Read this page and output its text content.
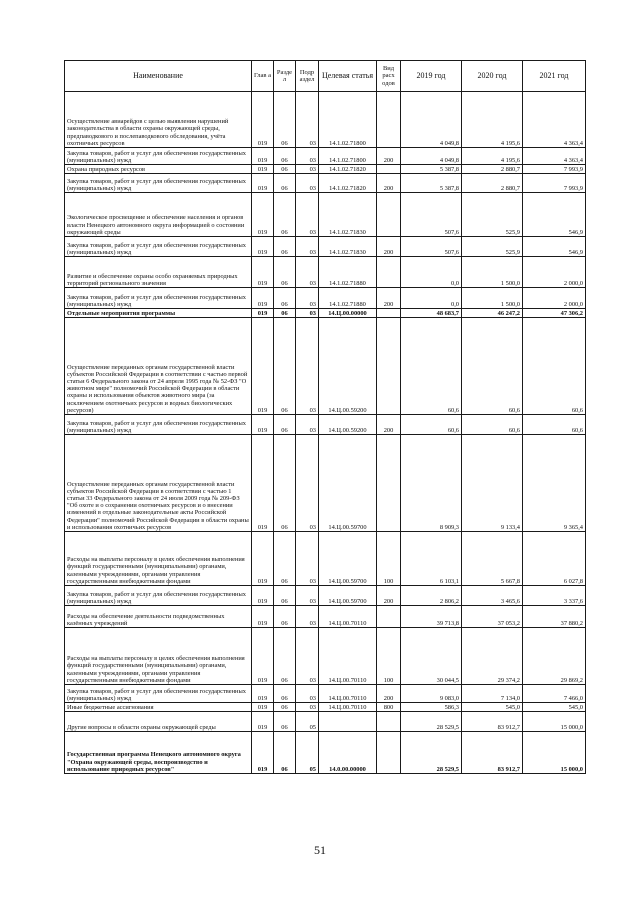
Наименование	Глав а	Разде л	Подр аздел	Целевая статья	Вид расх одов	2019 год	2020 год	2021 год
Осуществление авиарейдов с целью выявления нарушений законодательства в области охраны окружающей среды, предпаводкового и послепаводкового обследования, учёта охотничьих ресурсов	019	06	03	14.1.02.71800		4 049,8	4 195,6	4 363,4
Закупка товаров, работ и услуг для обеспечения государственных (муниципальных) нужд	019	06	03	14.1.02.71800	200	4 049,8	4 195,6	4 363,4
Охрана природных ресурсов	019	06	03	14.1.02.71820		5 387,8	2 880,7	7 993,9
Закупка товаров, работ и услуг для обеспечения государственных (муниципальных) нужд	019	06	03	14.1.02.71820	200	5 387,8	2 880,7	7 993,9
Экологическое просвещение и обеспечение населения и органов власти Ненецкого автономного округа информацией о состоянии окружающей среды	019	06	03	14.1.02.71830		507,6	525,9	546,9
Закупка товаров, работ и услуг для обеспечения государственных (муниципальных) нужд	019	06	03	14.1.02.71830	200	507,6	525,9	546,9
Развитие и обеспечение охраны особо охраняемых природных территорий регионального значения	019	06	03	14.1.02.71880		0,0	1 500,0	2 000,0
Закупка товаров, работ и услуг для обеспечения государственных (муниципальных) нужд	019	06	03	14.1.02.71880	200	0,0	1 500,0	2 000,0
Отдельные мероприятия программы	019	06	03	14.Ц.00.00000		48 683,7	46 247,2	47 306,2
Осуществление переданных органам государственной власти субъектов Российской Федерации в соответствии с частью первой статьи 6 Федерального закона от 24 апреля 1995 года № 52-ФЗ "О животном мире" полномочий Российской Федерации в области охраны и использования объектов животного мира (за исключением охотничьих ресурсов и водных биологических ресурсов)	019	06	03	14.Ц.00.59200		60,6	60,6	60,6
Закупка товаров, работ и услуг для обеспечения государственных (муниципальных) нужд	019	06	03	14.Ц.00.59200	200	60,6	60,6	60,6
Осуществление переданных органам государственной власти субъектов Российской Федерации в соответствии с частью 1 статьи 33 Федерального закона от 24 июля 2009 года № 209-ФЗ "Об охоте и о сохранении охотничьих ресурсов и о внесении изменений в отдельные законодательные акты Российской Федерации" полномочий Российской Федерации в области охраны и использования охотничьих ресурсов	019	06	03	14.Ц.00.59700		8 909,3	9 133,4	9 365,4
Расходы на выплаты персоналу в целях обеспечения выполнения функций государственными (муниципальными) органами, казенными учреждениями, органами управления государственными внебюджетными фондами	019	06	03	14.Ц.00.59700	100	6 103,1	5 667,8	6 027,8
Закупка товаров, работ и услуг для обеспечения государственных (муниципальных) нужд	019	06	03	14.Ц.00.59700	200	2 806,2	3 465,6	3 337,6
Расходы на обеспечение деятельности подведомственных казённых учреждений	019	06	03	14.Ц.00.70110		39 713,8	37 053,2	37 880,2
Расходы на выплаты персоналу в целях обеспечения выполнения функций государственными (муниципальными) органами, казенными учреждениями, органами управления государственными внебюджетными фондами	019	06	03	14.Ц.00.70110	100	30 044,5	29 374,2	29 869,2
Закупка товаров, работ и услуг для обеспечения государственных (муниципальных) нужд	019	06	03	14.Ц.00.70110	200	9 083,0	7 134,0	7 466,0
Иные бюджетные ассигнования	019	06	03	14.Ц.00.70110	800	586,3	545,0	545,0
Другие вопросы в области охраны окружающей среды	019	06	05			28 529,5	83 912,7	15 000,0
Государственная программа Ненецкого автономного округа "Охрана окружающей среды, воспроизводство и использование природных ресурсов"	019	06	05	14.0.00.00000		28 529,5	83 912,7	15 000,0
51
